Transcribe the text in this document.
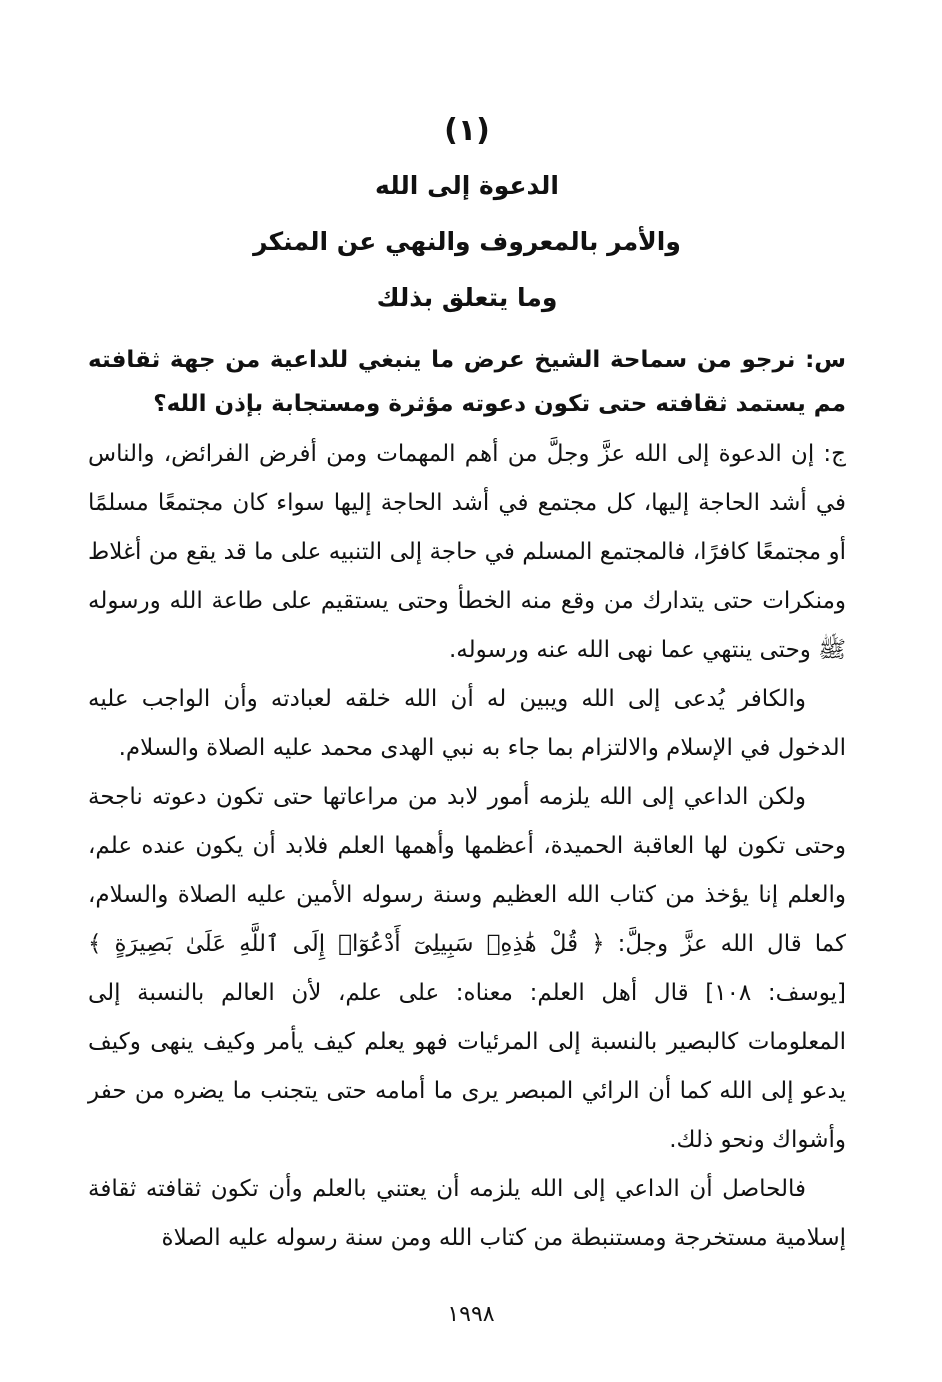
(١)

الدعوة إلى الله

والأمر بالمعروف والنهي عن المنكر

وما يتعلق بذلك

س: نرجو من سماحة الشيخ عرض ما ينبغي للداعية من جهة ثقافته مم يستمد ثقافته حتى تكون دعوته مؤثرة ومستجابة بإذن الله؟

ج: إن الدعوة إلى الله عزَّ وجلَّ من أهم المهمات ومن أفرض الفرائض، والناس في أشد الحاجة إليها، كل مجتمع في أشد الحاجة إليها سواء كان مجتمعًا مسلمًا أو مجتمعًا كافرًا، فالمجتمع المسلم في حاجة إلى التنبيه على ما قد يقع من أغلاط ومنكرات حتى يتدارك من وقع منه الخطأ وحتى يستقيم على طاعة الله ورسوله ﷺ وحتى ينتهي عما نهى الله عنه ورسوله.

والكافر يُدعى إلى الله ويبين له أن الله خلقه لعبادته وأن الواجب عليه الدخول في الإسلام والالتزام بما جاء به نبي الهدى محمد عليه الصلاة والسلام.

ولكن الداعي إلى الله يلزمه أمور لابد من مراعاتها حتى تكون دعوته ناجحة وحتى تكون لها العاقبة الحميدة، أعظمها وأهمها العلم فلابد أن يكون عنده علم، والعلم إنا يؤخذ من كتاب الله العظيم وسنة رسوله الأمين عليه الصلاة والسلام، كما قال الله عزَّ وجلَّ: ﴿ قُلْ هَٰذِهِۦ سَبِيلِىٓ أَدْعُوٓا۟ إِلَى ٱللَّهِ عَلَىٰ بَصِيرَةٍ ﴾ [يوسف: ١٠٨] قال أهل العلم: معناه: على علم، لأن العالم بالنسبة إلى المعلومات كالبصير بالنسبة إلى المرئيات فهو يعلم كيف يأمر وكيف ينهى وكيف يدعو إلى الله كما أن الرائي المبصر يرى ما أمامه حتى يتجنب ما يضره من حفر وأشواك ونحو ذلك.

فالحاصل أن الداعي إلى الله يلزمه أن يعتني بالعلم وأن تكون ثقافته ثقافة إسلامية مستخرجة ومستنبطة من كتاب الله ومن سنة رسوله عليه الصلاة

١٩٩٨
